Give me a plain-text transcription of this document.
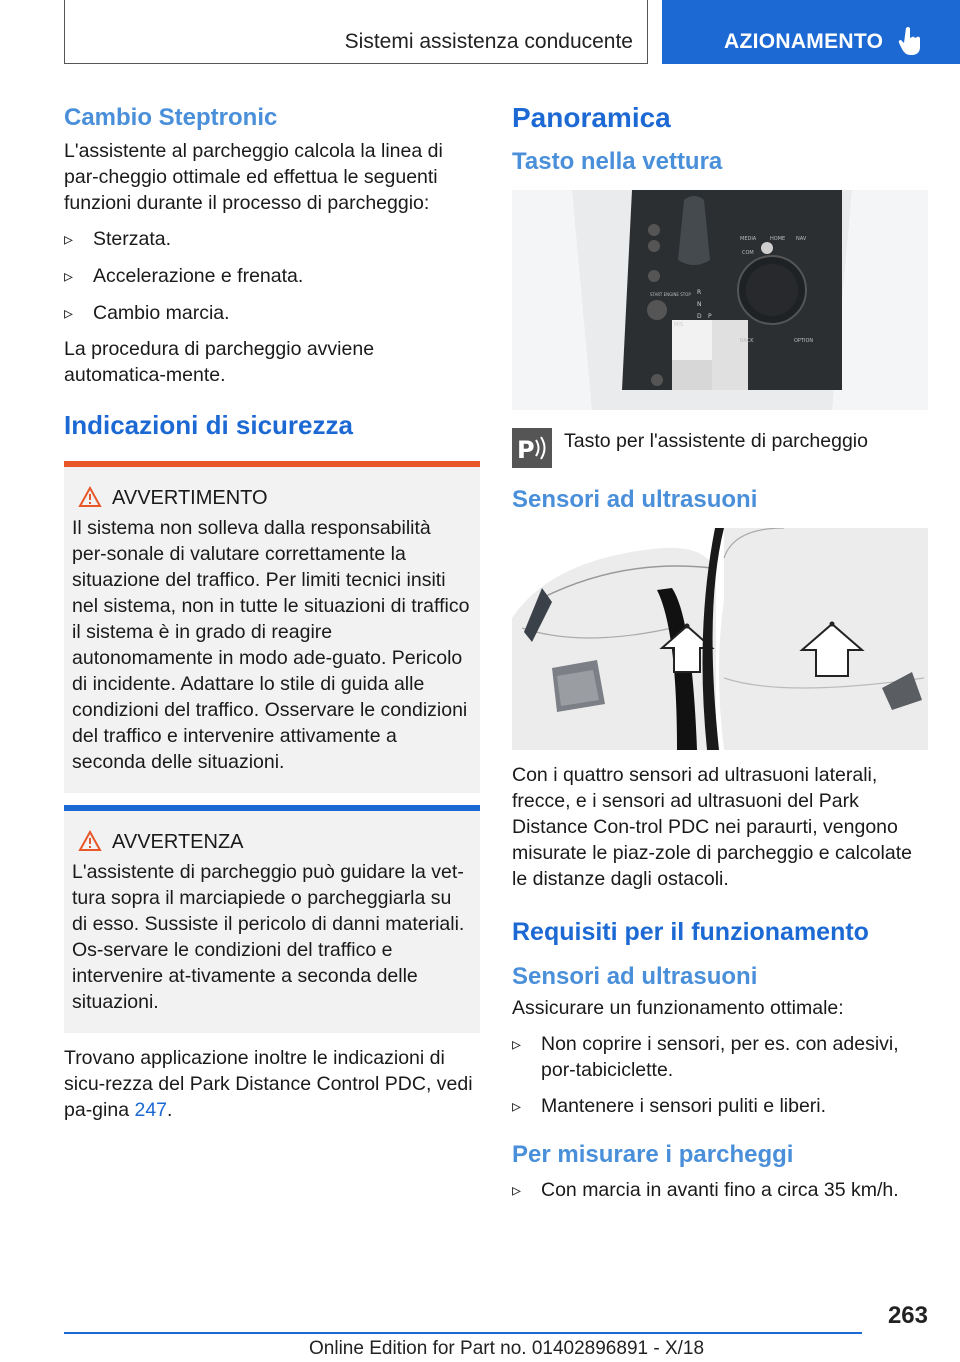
Sistemi assistenza conducente	AZIONAMENTO
Cambio Steptronic

L'assistente al parcheggio calcola la linea di par-cheggio ottimale ed effettua le seguenti funzioni durante il processo di parcheggio:

▹ Sterzata.
▹ Accelerazione e frenata.
▹ Cambio marcia.

La procedura di parcheggio avviene automatica-mente.

Indicazioni di sicurezza
AVVERTIMENTO

Il sistema non solleva dalla responsabilità per-sonale di valutare correttamente la situazione del traffico. Per limiti tecnici insiti nel sistema, non in tutte le situazioni di traffico il sistema è in grado di reagire autonomamente in modo ade-guato. Pericolo di incidente. Adattare lo stile di guida alle condizioni del traffico. Osservare le condizioni del traffico e intervenire attivamente a seconda delle situazioni.

AVVERTENZA

L'assistente di parcheggio può guidare la vet-tura sopra il marciapiede o parcheggiarla su di esso. Sussiste il pericolo di danni materiali. Os-servare le condizioni del traffico e intervenire at-tivamente a seconda delle situazioni.

Trovano applicazione inoltre le indicazioni di sicu-rezza del Park Distance Control PDC, vedi pa-gina 247.

Panoramica
Tasto nella vettura
MEDIA	HOME NAV
COM
BACK	OPTION
START ENGINE STOP R
N
D P
M/S
P Tasto per l'assistente di parcheggio

Sensori ad ultrasuoni

Con i quattro sensori ad ultrasuoni laterali, frecce, e i sensori ad ultrasuoni del Park Distance Con-trol PDC nei paraurti, vengono misurate le piaz-zole di parcheggio e calcolate le distanze dagli ostacoli.

Requisiti per il funzionamento
Sensori ad ultrasuoni

Assicurare un funzionamento ottimale:

▹ Non coprire i sensori, per es. con adesivi, por-tabiciclette.
▹ Mantenere i sensori puliti e liberi.
Per misurare i parcheggi
▹ Con marcia in avanti fino a circa 35 km/h.
263
Online Edition for Part no. 01402896891 - X/18
